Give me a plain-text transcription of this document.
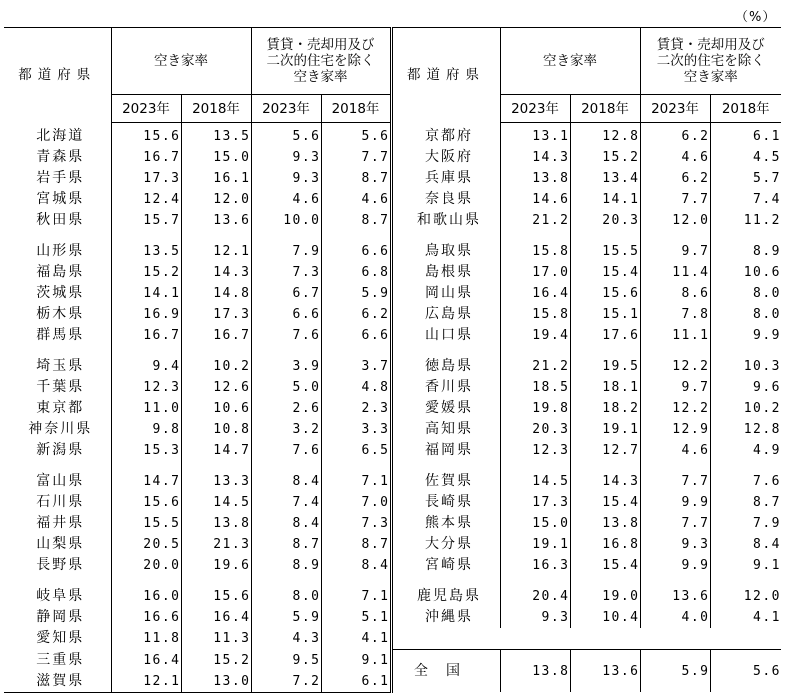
（%）
都道府県	空き家率		賃貸・売却用及び
二次的住宅を除く
空き家率		都道府県	空き家率		賃貸・売却用及び
二次的住宅を除く
空き家率	
	2023年	2018年	2023年	2018年		2023年	2018年	2023年	2018年
北海道	15.6	13.5	5.6	5.6	京都府	13.1	12.8	6.2	6.1
青森県	16.7	15.0	9.3	7.7	大阪府	14.3	15.2	4.6	4.5
岩手県	17.3	16.1	9.3	8.7	兵庫県	13.8	13.4	6.2	5.7
宮城県	12.4	12.0	4.6	4.6	奈良県	14.6	14.1	7.7	7.4
秋田県	15.7	13.6	10.0	8.7	和歌山県	21.2	20.3	12.0	11.2
山形県	13.5	12.1	7.9	6.6	鳥取県	15.8	15.5	9.7	8.9
福島県	15.2	14.3	7.3	6.8	島根県	17.0	15.4	11.4	10.6
茨城県	14.1	14.8	6.7	5.9	岡山県	16.4	15.6	8.6	8.0
栃木県	16.9	17.3	6.6	6.2	広島県	15.8	15.1	7.8	8.0
群馬県	16.7	16.7	7.6	6.6	山口県	19.4	17.6	11.1	9.9
埼玉県	9.4	10.2	3.9	3.7	徳島県	21.2	19.5	12.2	10.3
千葉県	12.3	12.6	5.0	4.8	香川県	18.5	18.1	9.7	9.6
東京都	11.0	10.6	2.6	2.3	愛媛県	19.8	18.2	12.2	10.2
神奈川県	9.8	10.8	3.2	3.3	高知県	20.3	19.1	12.9	12.8
新潟県	15.3	14.7	7.6	6.5	福岡県	12.3	12.7	4.6	4.9
富山県	14.7	13.3	8.4	7.1	佐賀県	14.5	14.3	7.7	7.6
石川県	15.6	14.5	7.4	7.0	長崎県	17.3	15.4	9.9	8.7
福井県	15.5	13.8	8.4	7.3	熊本県	15.0	13.8	7.7	7.9
山梨県	20.5	21.3	8.7	8.7	大分県	19.1	16.8	9.3	8.4
長野県	20.0	19.6	8.9	8.4	宮崎県	16.3	15.4	9.9	9.1
岐阜県	16.0	15.6	8.0	7.1	鹿児島県	20.4	19.0	13.6	12.0
静岡県	16.6	16.4	5.9	5.1	沖縄県	9.3	10.4	4.0	4.1
愛知県	11.8	11.3	4.3	4.1					
三重県	16.4	15.2	9.5	9.1	全国	13.8	13.6	5.9	5.6
滋賀県	12.1	13.0	7.2	6.1					
